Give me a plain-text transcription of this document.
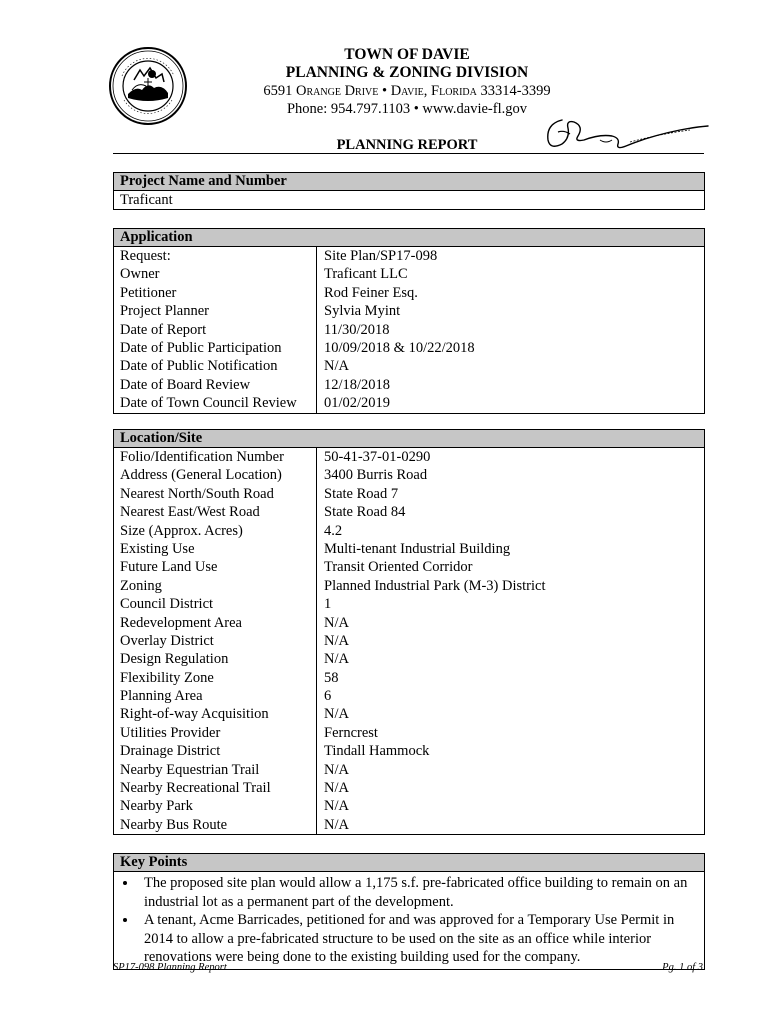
TOWN OF DAVIE
PLANNING & ZONING DIVISION
6591 Orange Drive • Davie, Florida 33314-3399
Phone: 954.797.1103 • www.davie-fl.gov
PLANNING REPORT
Project Name and Number
Traficant
Application
Request:	Site Plan/SP17-098
Owner	Traficant LLC
Petitioner	Rod Feiner Esq.
Project Planner	Sylvia Myint
Date of Report	11/30/2018
Date of Public Participation	10/09/2018 & 10/22/2018
Date of Public Notification	N/A
Date of Board Review	12/18/2018
Date of Town Council Review	01/02/2019
Location/Site
Folio/Identification Number	50-41-37-01-0290
Address (General Location)	3400 Burris Road
Nearest North/South Road	State Road 7
Nearest East/West Road	State Road 84
Size (Approx. Acres)	4.2
Existing Use	Multi-tenant Industrial Building
Future Land Use	Transit Oriented Corridor
Zoning	Planned Industrial Park (M-3) District
Council District	1
Redevelopment Area	N/A
Overlay District	N/A
Design Regulation	N/A
Flexibility Zone	58
Planning Area	6
Right-of-way Acquisition	N/A
Utilities Provider	Ferncrest
Drainage District	Tindall Hammock
Nearby Equestrian Trail	N/A
Nearby Recreational Trail	N/A
Nearby Park	N/A
Nearby Bus Route	N/A
Key Points
• The proposed site plan would allow a 1,175 s.f. pre-fabricated office building to remain on an industrial lot as a permanent part of the development.
• A tenant, Acme Barricades, petitioned for and was approved for a Temporary Use Permit in 2014 to allow a pre-fabricated structure to be used on the site as an office while interior renovations were being done to the existing building used for the company.
SP17-098 Planning Report	Pg. 1 of 3
